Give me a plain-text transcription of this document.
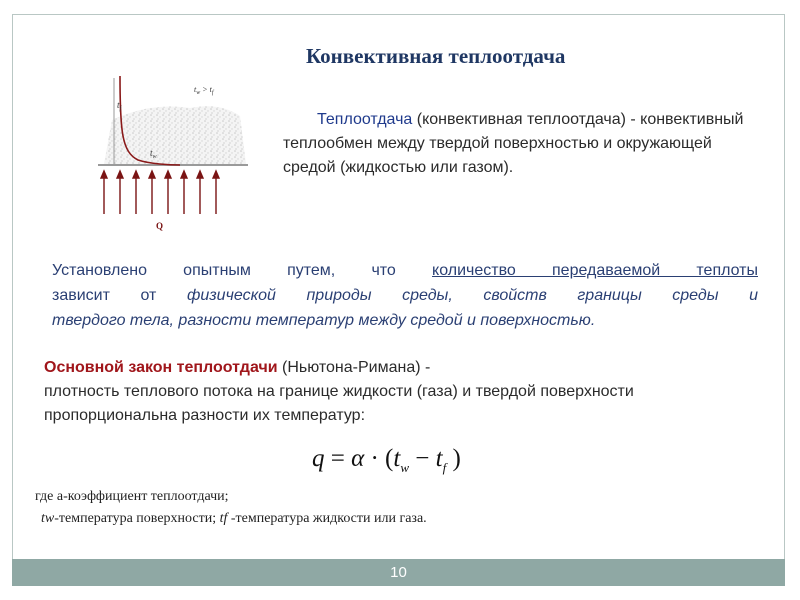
Конвективная теплоотдача
$t_w > t_f$
$t_f$
$t_w$
Q
Теплоотдача (конвективная теплоотдача) - конвективный теплообмен между твердой поверхностью и окружающей средой (жидкостью или газом).
Установлено опытным путем, что количество передаваемой теплоты
зависит от физической природы среды, свойств границы среды и
твердого тела, разности температур между средой и поверхностью.
Основной закон теплоотдачи (Ньютона-Римана) -
плотность теплового потока на границе жидкости (газа) и твердой поверхности пропорциональна разности их температур:
$q = \alpha \cdot (t_w - t_f$ )
где а-коэффициент теплоотдачи;
tw-температура поверхности; tf -температура жидкости или газа.
10
